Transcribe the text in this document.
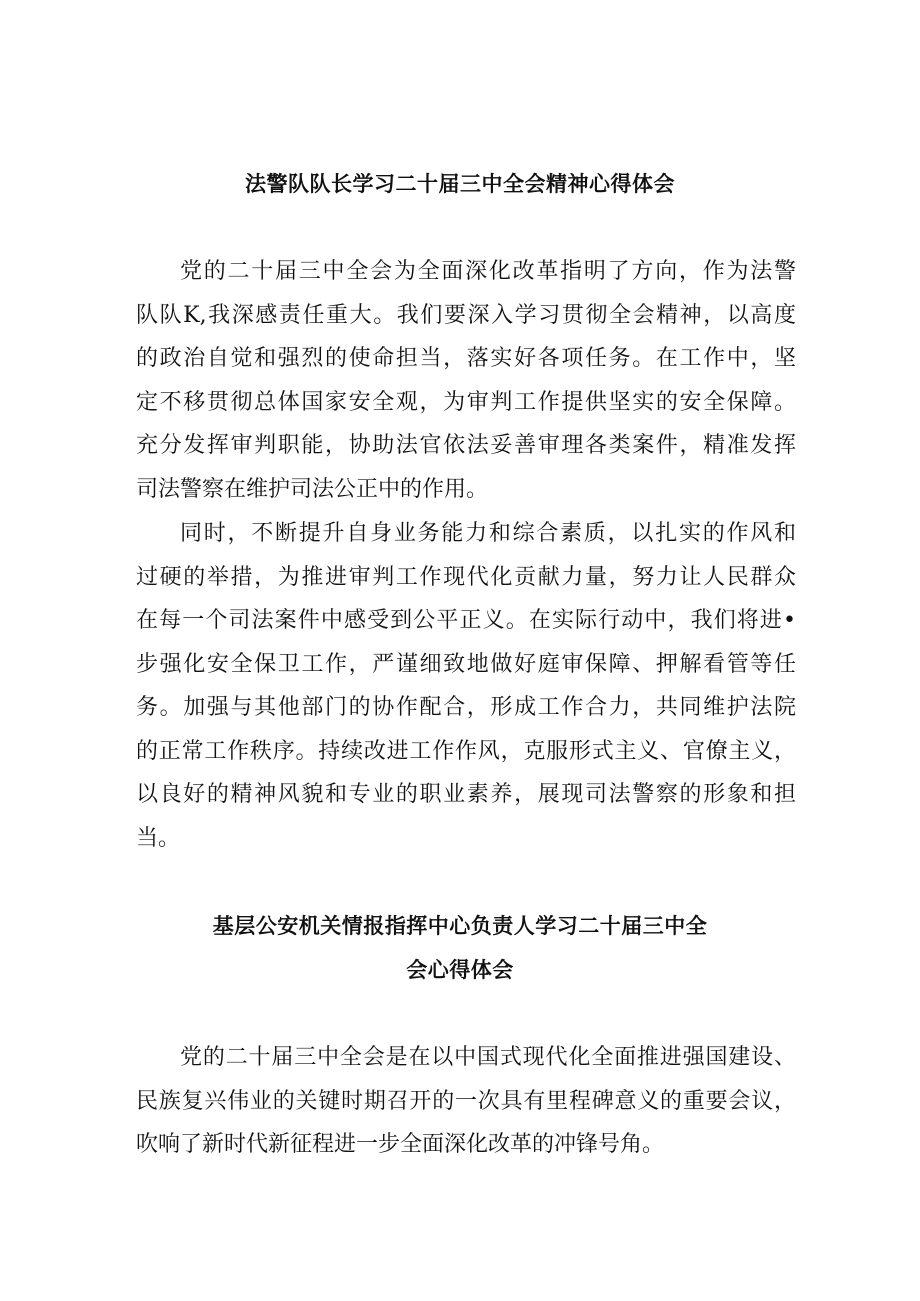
法警队队长学习二十届三中全会精神心得体会
党的二十届三中全会为全面深化改革指明了方向，作为法警
队队K,我深感责任重大。我们要深入学习贯彻全会精神，以高度
的政治自觉和强烈的使命担当，落实好各项任务。在工作中，坚
定不移贯彻总体国家安全观，为审判工作提供坚实的安全保障。
充分发挥审判职能，协助法官依法妥善审理各类案件，精准发挥
司法警察在维护司法公正中的作用。
同时，不断提升自身业务能力和综合素质，以扎实的作风和
过硬的举措，为推进审判工作现代化贡献力量，努力让人民群众
在每一个司法案件中感受到公平正义。在实际行动中，我们将进•
步强化安全保卫工作，严谨细致地做好庭审保障、押解看管等任
务。加强与其他部门的协作配合，形成工作合力，共同维护法院
的正常工作秩序。持续改进工作作风，克服形式主义、官僚主义，
以良好的精神风貌和专业的职业素养，展现司法警察的形象和担
当。
基层公安机关情报指挥中心负责人学习二十届三中全
会心得体会
党的二十届三中全会是在以中国式现代化全面推进强国建设、
民族复兴伟业的关键时期召开的一次具有里程碑意义的重要会议，
吹响了新时代新征程进一步全面深化改革的冲锋号角。
